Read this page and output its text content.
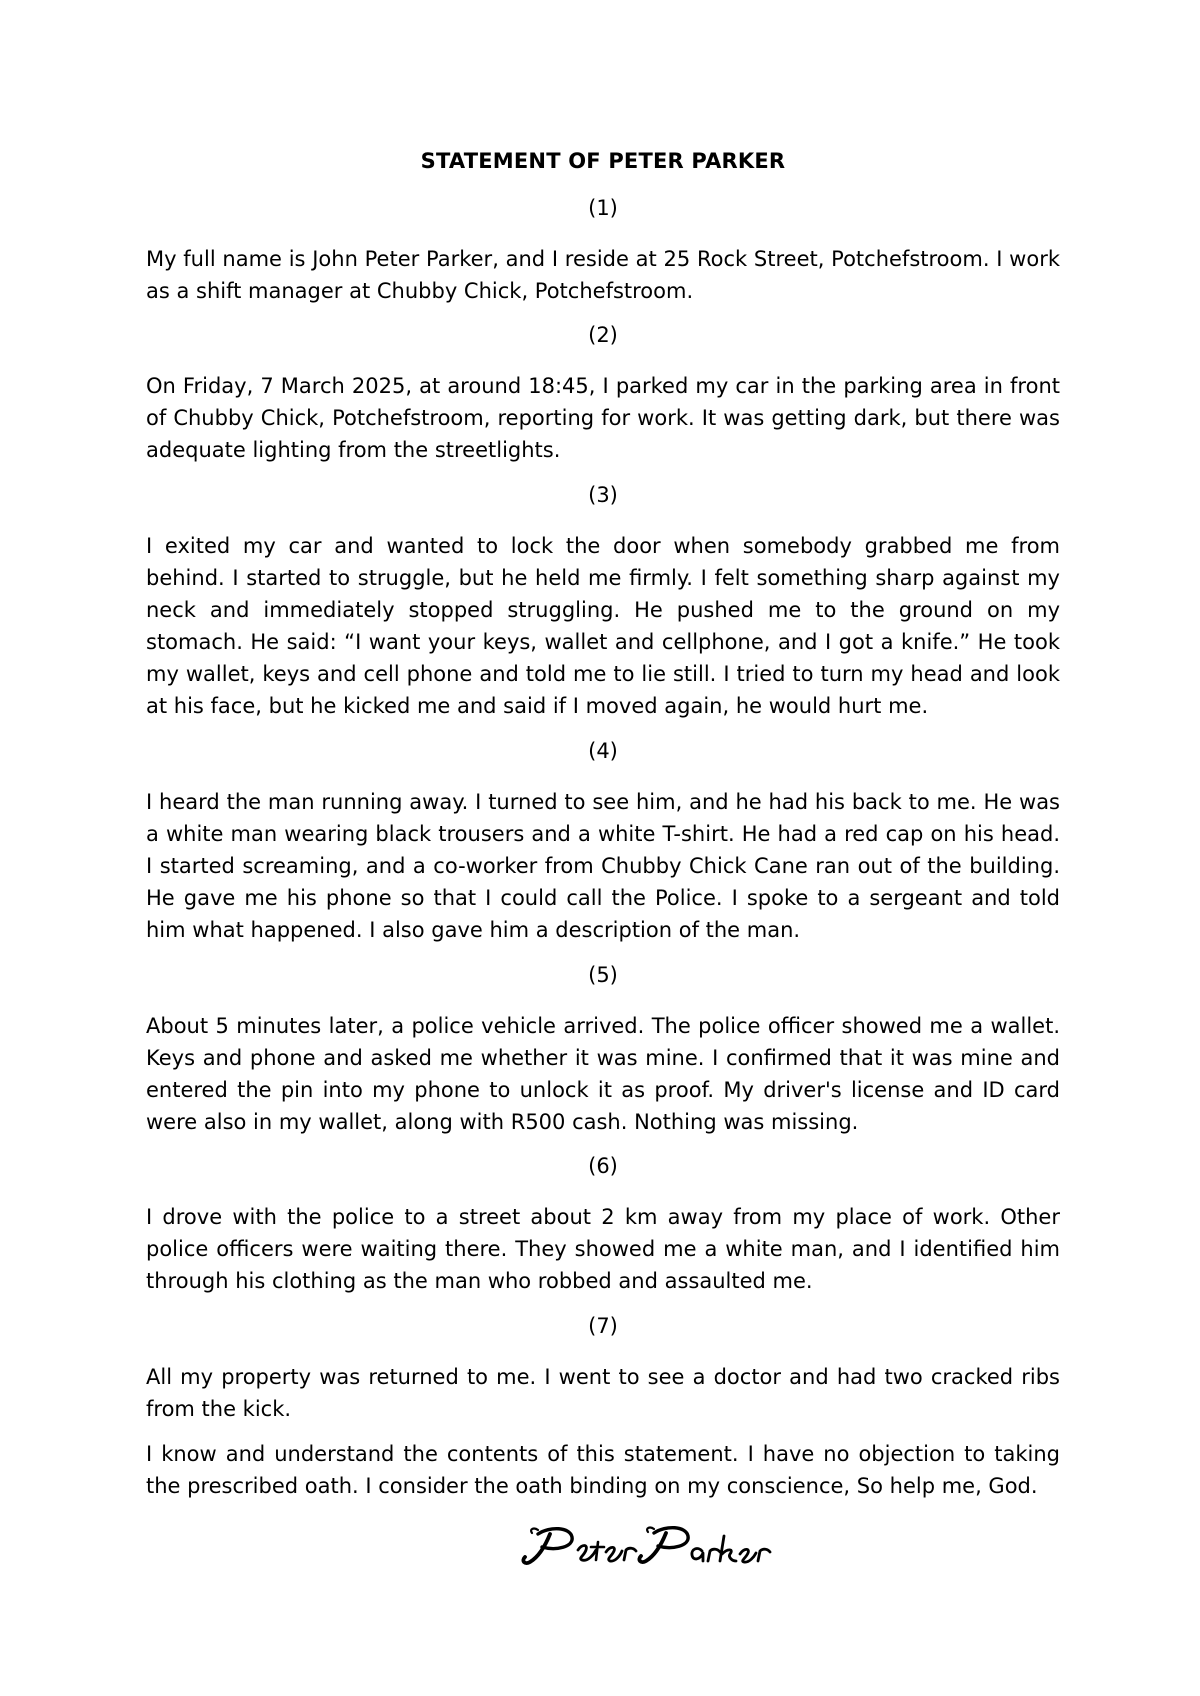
STATEMENT OF PETER PARKER
(1)

My full name is John Peter Parker, and I reside at 25 Rock Street, Potchefstroom. I work as a shift manager at Chubby Chick, Potchefstroom.

(2)

On Friday, 7 March 2025, at around 18:45, I parked my car in the parking area in front of Chubby Chick, Potchefstroom, reporting for work. It was getting dark, but there was adequate lighting from the streetlights.

(3)

I exited my car and wanted to lock the door when somebody grabbed me from behind. I started to struggle, but he held me firmly. I felt something sharp against my neck and immediately stopped struggling. He pushed me to the ground on my stomach. He said: “I want your keys, wallet and cellphone, and I got a knife.” He took my wallet, keys and cell phone and told me to lie still. I tried to turn my head and look at his face, but he kicked me and said if I moved again, he would hurt me.

(4)

I heard the man running away. I turned to see him, and he had his back to me. He was a white man wearing black trousers and a white T-shirt. He had a red cap on his head. I started screaming, and a co-worker from Chubby Chick Cane ran out of the building. He gave me his phone so that I could call the Police. I spoke to a sergeant and told him what happened. I also gave him a description of the man.

(5)

About 5 minutes later, a police vehicle arrived. The police officer showed me a wallet. Keys and phone and asked me whether it was mine. I confirmed that it was mine and entered the pin into my phone to unlock it as proof. My driver's license and ID card were also in my wallet, along with R500 cash. Nothing was missing.

(6)

I drove with the police to a street about 2 km away from my place of work. Other police officers were waiting there. They showed me a white man, and I identified him through his clothing as the man who robbed and assaulted me.

(7)

All my property was returned to me. I went to see a doctor and had two cracked ribs from the kick.

I know and understand the contents of this statement. I have no objection to taking the prescribed oath. I consider the oath binding on my conscience, So help me, God.
